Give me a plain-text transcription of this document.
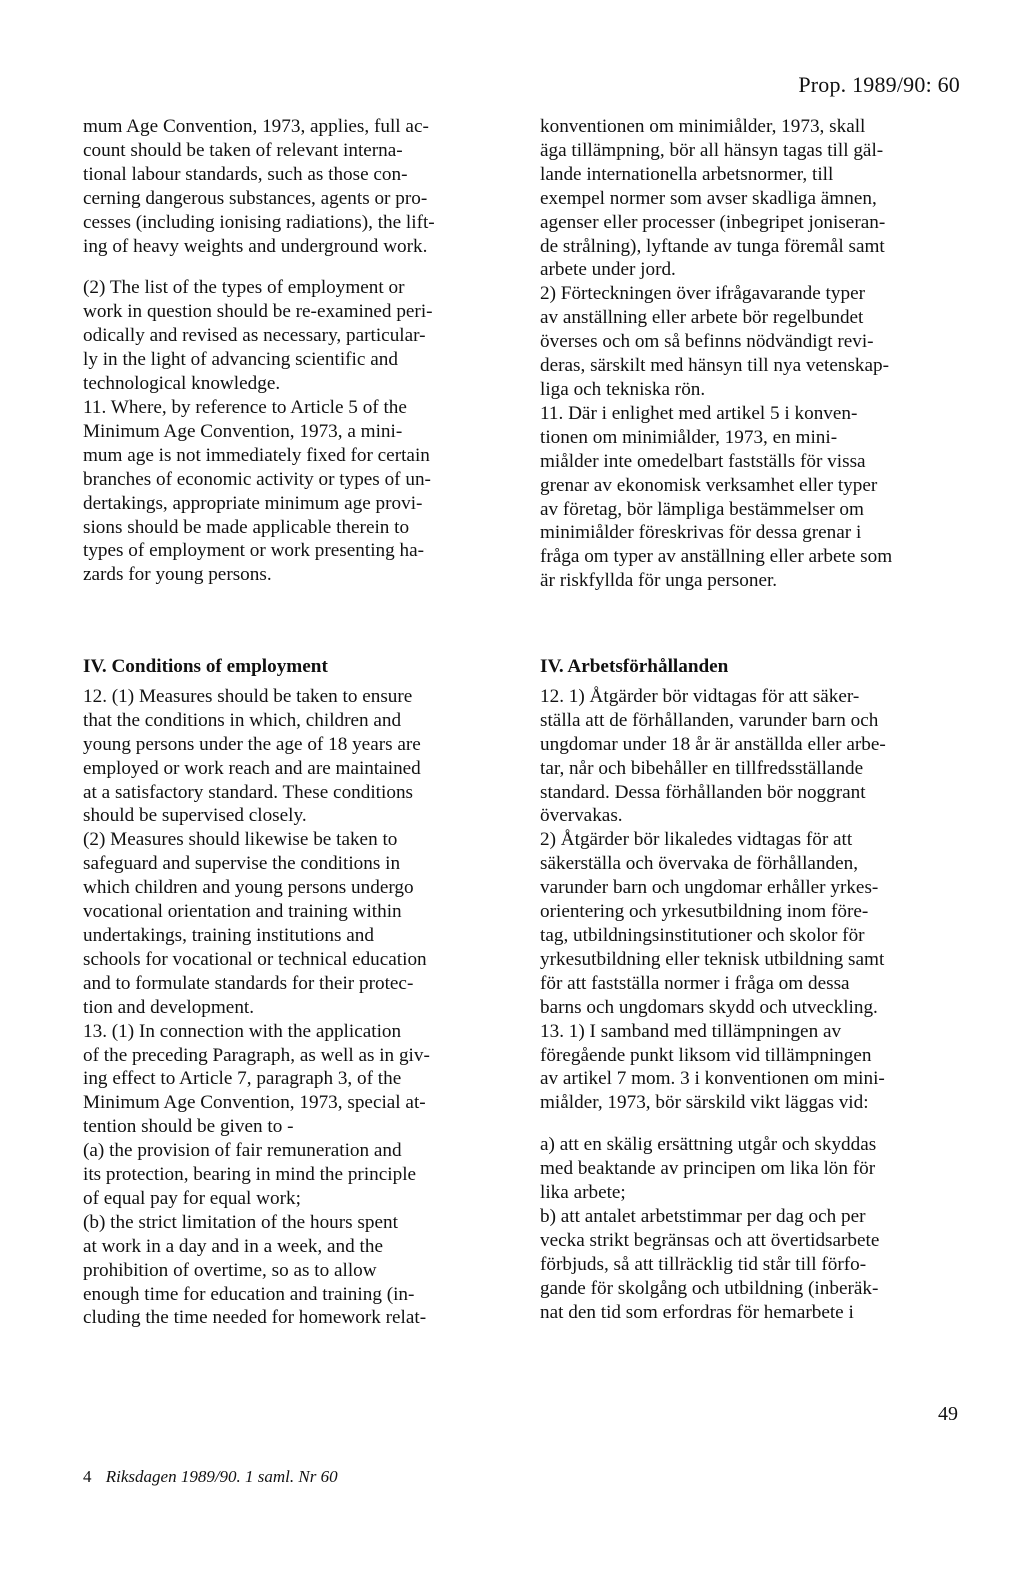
Prop. 1989/90: 60
mum Age Convention, 1973, applies, full ac-
count should be taken of relevant interna-
tional labour standards, such as those con-
cerning dangerous substances, agents or pro-
cesses (including ionising radiations), the lift-
ing of heavy weights and underground work.
(2) The list of the types of employment or
work in question should be re-examined peri-
odically and revised as necessary, particular-
ly in the light of advancing scientific and
technological knowledge.
11. Where, by reference to Article 5 of the
Minimum Age Convention, 1973, a mini-
mum age is not immediately fixed for certain
branches of economic activity or types of un-
dertakings, appropriate minimum age provi-
sions should be made applicable therein to
types of employment or work presenting ha-
zards for young persons.
IV. Conditions of employment
12. (1) Measures should be taken to ensure
that the conditions in which, children and
young persons under the age of 18 years are
employed or work reach and are maintained
at a satisfactory standard. These conditions
should be supervised closely.
(2) Measures should likewise be taken to
safeguard and supervise the conditions in
which children and young persons undergo
vocational orientation and training within
undertakings, training institutions and
schools for vocational or technical education
and to formulate standards for their protec-
tion and development.
13. (1) In connection with the application
of the preceding Paragraph, as well as in giv-
ing effect to Article 7, paragraph 3, of the
Minimum Age Convention, 1973, special at-
tention should be given to -
(a) the provision of fair remuneration and
its protection, bearing in mind the principle
of equal pay for equal work;
(b) the strict limitation of the hours spent
at work in a day and in a week, and the
prohibition of overtime, so as to allow
enough time for education and training (in-
cluding the time needed for homework relat-
konventionen om minimiålder, 1973, skall
äga tillämpning, bör all hänsyn tagas till gäl-
lande internationella arbetsnormer, till
exempel normer som avser skadliga ämnen,
agenser eller processer (inbegripet joniseran-
de strålning), lyftande av tunga föremål samt
arbete under jord.
2) Förteckningen över ifrågavarande typer
av anställning eller arbete bör regelbundet
överses och om så befinns nödvändigt revi-
deras, särskilt med hänsyn till nya vetenskap-
liga och tekniska rön.
11. Där i enlighet med artikel 5 i konven-
tionen om minimiålder, 1973, en mini-
miålder inte omedelbart fastställs för vissa
grenar av ekonomisk verksamhet eller typer
av företag, bör lämpliga bestämmelser om
minimiålder föreskrivas för dessa grenar i
fråga om typer av anställning eller arbete som
är riskfyllda för unga personer.
IV. Arbetsförhållanden
12. 1) Åtgärder bör vidtagas för att säker-
ställa att de förhållanden, varunder barn och
ungdomar under 18 år är anställda eller arbe-
tar, når och bibehåller en tillfredsställande
standard. Dessa förhållanden bör noggrant
övervakas.
2) Åtgärder bör likaledes vidtagas för att
säkerställa och övervaka de förhållanden,
varunder barn och ungdomar erhåller yrkes-
orientering och yrkesutbildning inom före-
tag, utbildningsinstitutioner och skolor för
yrkesutbildning eller teknisk utbildning samt
för att fastställa normer i fråga om dessa
barns och ungdomars skydd och utveckling.
13. 1) I samband med tillämpningen av
föregående punkt liksom vid tillämpningen
av artikel 7 mom. 3 i konventionen om mini-
miålder, 1973, bör särskild vikt läggas vid:
a) att en skälig ersättning utgår och skyddas
med beaktande av principen om lika lön för
lika arbete;
b) att antalet arbetstimmar per dag och per
vecka strikt begränsas och att övertidsarbete
förbjuds, så att tillräcklig tid står till förfo-
gande för skolgång och utbildning (inberäk-
nat den tid som erfordras för hemarbete i
49
4 Riksdagen 1989/90. 1 saml. Nr 60
